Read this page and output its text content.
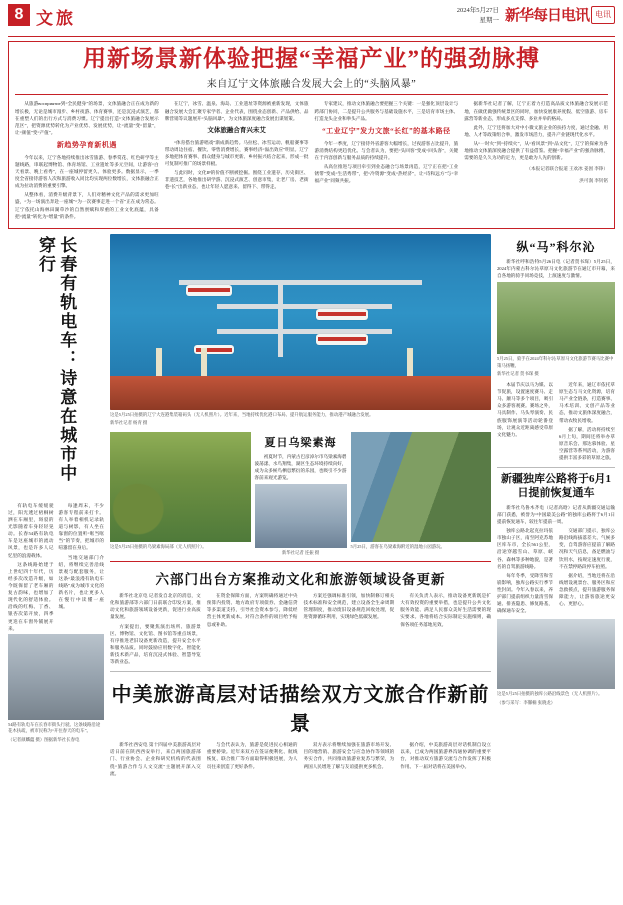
8 文旅	2024年5月27日
星期一 新华每日电讯 电讯
用新场景新体验把握“幸福产业”的强劲脉搏
来自辽宁文体旅融合发展大会上的“头脑风暴”

从旅游восприятие到“全民健身”的场景，文体旅融合正在成为新的增长极，无论是城市漫步、乡村夜游、体育赛事，还是沉浸式演艺，都在重塑人们的出行方式与消费习惯。辽宁提出打造“文体旅融合发展示范区”，把资源优势转化为产业优势、发展优势，让“流量”变“留量”，让“颜值”变“产值”。

新趋势孕育新机遇

今年以来，辽宁各地持续推出冰雪旅游、春季赏花、红色研学等主题线路，串联起博物馆、体育场馆、工业遗址等多元空间，让游客“白天看景、晚上看秀”，在一座城停留更久、体验更多。数据显示，一季度全省接待游客人次和旅游收入同比均实现两位数增长，文体旅融合正成为拉动消费的重要引擎。

从整体看，消费升级背景下，人们对精神文化产品的需求更加旺盛，“为一场演出奔赴一座城”“为一次赛事走进一个省”正在成为常态。辽宁依托山海林田湖草沙的自然禀赋和厚重的工业文化底蕴，具备把“流量”转化为“增量”的条件。

在辽宁，冰雪、温泉、海岛、工业遗址等资源被重新发现，文体旅融合发展大会汇聚专家学者、企业代表，围绕业态创新、产品供给、品牌营销等议题展开“头脑风暴”，为文体旅深度融合发展出谋划策。

文体旅融合育兴未艾

“体育搭台旅游唱戏”渐成新趋势。马拉松、冰雪运动、帆船赛事等带动周边住宿、餐饮、零售消费增长，赛事经济“溢出效应”明显。辽宁多地把体育赛事、群众健身与城市更新、乡村振兴结合起来，形成一批可复制可推广的场景样板。

与此同时，文化IP的价值不断被挖掘。围绕工业遗存、历史街区、非遗技艺，各地推出研学游、沉浸式演艺、创意市集，让老厂房、老街巷“长”出新业态，也让年轻人愿意来、留得下、带得走。

专家建议，推动文体旅融合要把握三个关键：一是强化顶层设计与跨部门协同，二是提升公共服务与基础设施水平，三是培育市场主体、打造龙头企业和拳头产品。

“工业辽宁”发力文旅“长红”的基本路径

今年一季度，辽宁接待外省游客大幅增长，过夜游客占比提升，旅游消费结构更趋优化。与会者认为，要把“头回客”变成“回头客”，关键在于内容创新与服务品质的持续提升。

从高位推进与项目牵引到业态融合与场景再造，辽宁正在把“工业锈带”变成“生活秀带”，把“冷资源”变成“热经济”，让“诗和远方”与“幸福产业”同频共振。

据新华社记者了解，辽宁正着力打造高品质文体旅融合发展示范地，在做优做强传统景区的同时，加快发展康养度假、低空旅游、房车露营等新业态，形成多点支撑、多业并举的格局。

此外，辽宁还将加大对中小微文旅企业的扶持力度，通过金融、用地、人才等政策组合拳，激发市场活力，提升产业链现代化水平。

从“一时火”到“持续火”，从“看风景”到“品文化”，辽宁的探索为各地推动文体旅深度融合提供了有益借鉴。把握“幸福产业”的强劲脉搏，需要的是久久为功的定力，更是敢为人先的创新。

（本报记者联合报道 王欢冰 姜囡 李铮）
洪可润 李钊铭
长春有轨电车：诗意在城市中穿行

有轨电车缓缓驶过，阳光透过梧桐树洒在车厢里，斑驳的光影随着车身轻轻晃动。长春54路有轨电车是这座城市的流动风景，也是许多人记忆里的浪漫载体。

这条线路始建于上世纪四十年代，历经多次改造升级，如今既保留了老车厢的复古韵味，也增加了现代化的舒适体验。沿线的红梅、丁香、银杏次第开放，四季更迭在车窗外铺展开来。

每逢周末，不少游客专程前来打卡。有人举着相机记录轨道与树影，有人坐在靠窗的位置听“哐当哐当”的节奏，把城市的喧嚣留在身后。

当地交通部门介绍，将继续完善沿线景观与配套服务，让这条“最浪漫有轨电车线路”成为城市文化的新名片，也让更多人在慢行中读懂一座城。

54路有轨电车在长春市街头行驶。这条线路沿途花木扶疏，被市民称为“开往春天的电车”。
（记者颜麟蕴 摄）图据新华社长春电
这是5月25日拍摄的辽宁大连港集装箱码头（无人机照片）。近年来，当地持续优化港口布局、提升航运服务能力，推动港产城融合发展。
新华社记者 杨青 摄
这是5月25日拍摄的乌梁素海局部（无人机照片）。
夏日乌梁素海

初夏时节，内蒙古巴彦淖尔市乌梁素海碧波荡漾、水鸟翔集，湖区生态环境持续向好，成为众多候鸟栖息繁衍的乐园，也吸引不少游客前来观光游览。

新华社记者 连振 摄
5月25日，游客在乌梁素海附近的湿地公园游玩。
六部门出台方案推动文化和旅游领域设备更新

新华社北京电 记者发自北京的消息，文化和旅游部等六部门日前联合印发方案，推动文化和旅游领域设备更新，促进行业高质量发展。

方案提出，要聚焦演出场所、旅游景区、博物馆、文化馆、图书馆等重点场景，有序推进老旧设备更新改造，提升安全水平和服务品质。同时鼓励应用数字化、智能化新技术新产品，培育沉浸式体验、智慧导览等新业态。

在资金保障方面，方案明确将通过中央预算内投资、地方政府专项债券、金融信贷等多渠道支持，引导社会资本参与，降低经营主体更新成本。对符合条件的项目给予贴息或补助。

方案还强调标准引领，加快制修订相关技术标准和安全规范，建立设备全生命周期管理制度，推动废旧设备规范回收处理，促进资源循环利用，实现绿色低碳发展。

有关负责人表示，推动设备更新既是扩大有效投资的重要举措，也是提升公共文化服务效能、满足人民群众美好生活需要的现实要求。各地将结合实际制定实施细则，确保各项任务落地见效。

中美旅游高层对话描绘双方文旅合作新前景

新华社西安电 第十四届中美旅游高层对话日前在陕西西安举行，来自两国旅游部门、行业协会、企业和研究机构的代表围绕“旅游合作与人文交流”主题展开深入交流。

与会代表认为，旅游是促进民心相通的重要桥梁。近年来双方在签证便利化、航线恢复、联合推广等方面取得积极进展，为人员往来创造了更好条件。

双方表示将继续加强在旅游市场开发、目的地营销、旅游安全与应急协作等领域的务实合作，共同推动旅游业复苏与繁荣，为两国人民增进了解与友谊提供更多机会。

据介绍，中美旅游高层对话机制自设立以来，已成为两国旅游界沟通协调的重要平台，对推动双方旅游交流与合作发挥了积极作用。下一届对话将在美国举办。

纵“马”科尔沁

新华社呼和浩特5月26日电（记者贺书琛）5月25日，2024年内蒙古科尔沁草原马文化旅游节在通辽市开幕，来自各地的骑手同场竞技，上演速度与激情。

5月25日，骑手在2024年科尔沁草原马文化旅游节赛马比赛中策马扬鞭。
新华社记者 贺书琛 摄

本届节庆以马为媒、以节促旅，设置速度赛马、走马、颠马等多个项目，吸引众多游客观赛。赛场之外，马具制作、马头琴演奏、民族服饰展演等活动轮番登场，让观众近距离感受草原文化魅力。

近年来，通辽市依托草原生态与马文化资源，培育马产业全链条，打造赛事、马术培训、文创产品等业态，推动文旅体深度融合，带动农牧民增收。

据了解，活动将持续至6月上旬，期间还将举办草原音乐会、那达慕体验、星空露营等系列活动，为游客提供丰富多彩的草原之旅。

新疆独库公路将于6月1日提前恢复通车

新华社乌鲁木齐电（记者高晗）记者从新疆交通运输部门获悉，被誉为“中国最美公路”的独库公路将于6月1日提前恢复通车，较往年提前一周。

独库公路北起克拉玛依市独山子区，南至阿克苏地区库车市，全长561公里，沿途穿越雪山、草原、峡谷、森林等多种地貌，是著名的自驾旅游线路。

每年冬季，受降雪和雪崩影响，独库公路实行季节性封闭。今年入春以来，养护部门提前组织力量清雪保通、排查隐患、修复路基，确保通车安全。

交通部门提示，独库公路沿线海拔落差大、气候多变，自驾游客应提前了解路况和天气信息，备足燃油与饮用水，按规定速度行驶，不在禁停路段停车拍照。

据介绍，当地还将在沿线增设观景台、服务区和应急救援点，提升旅游服务保障能力，让游客旅途更安心、更舒心。

这是5月25日拍摄的独库公路沿线景色（无人机照片）。
（参与采写：李馨楠 张晓龙）
